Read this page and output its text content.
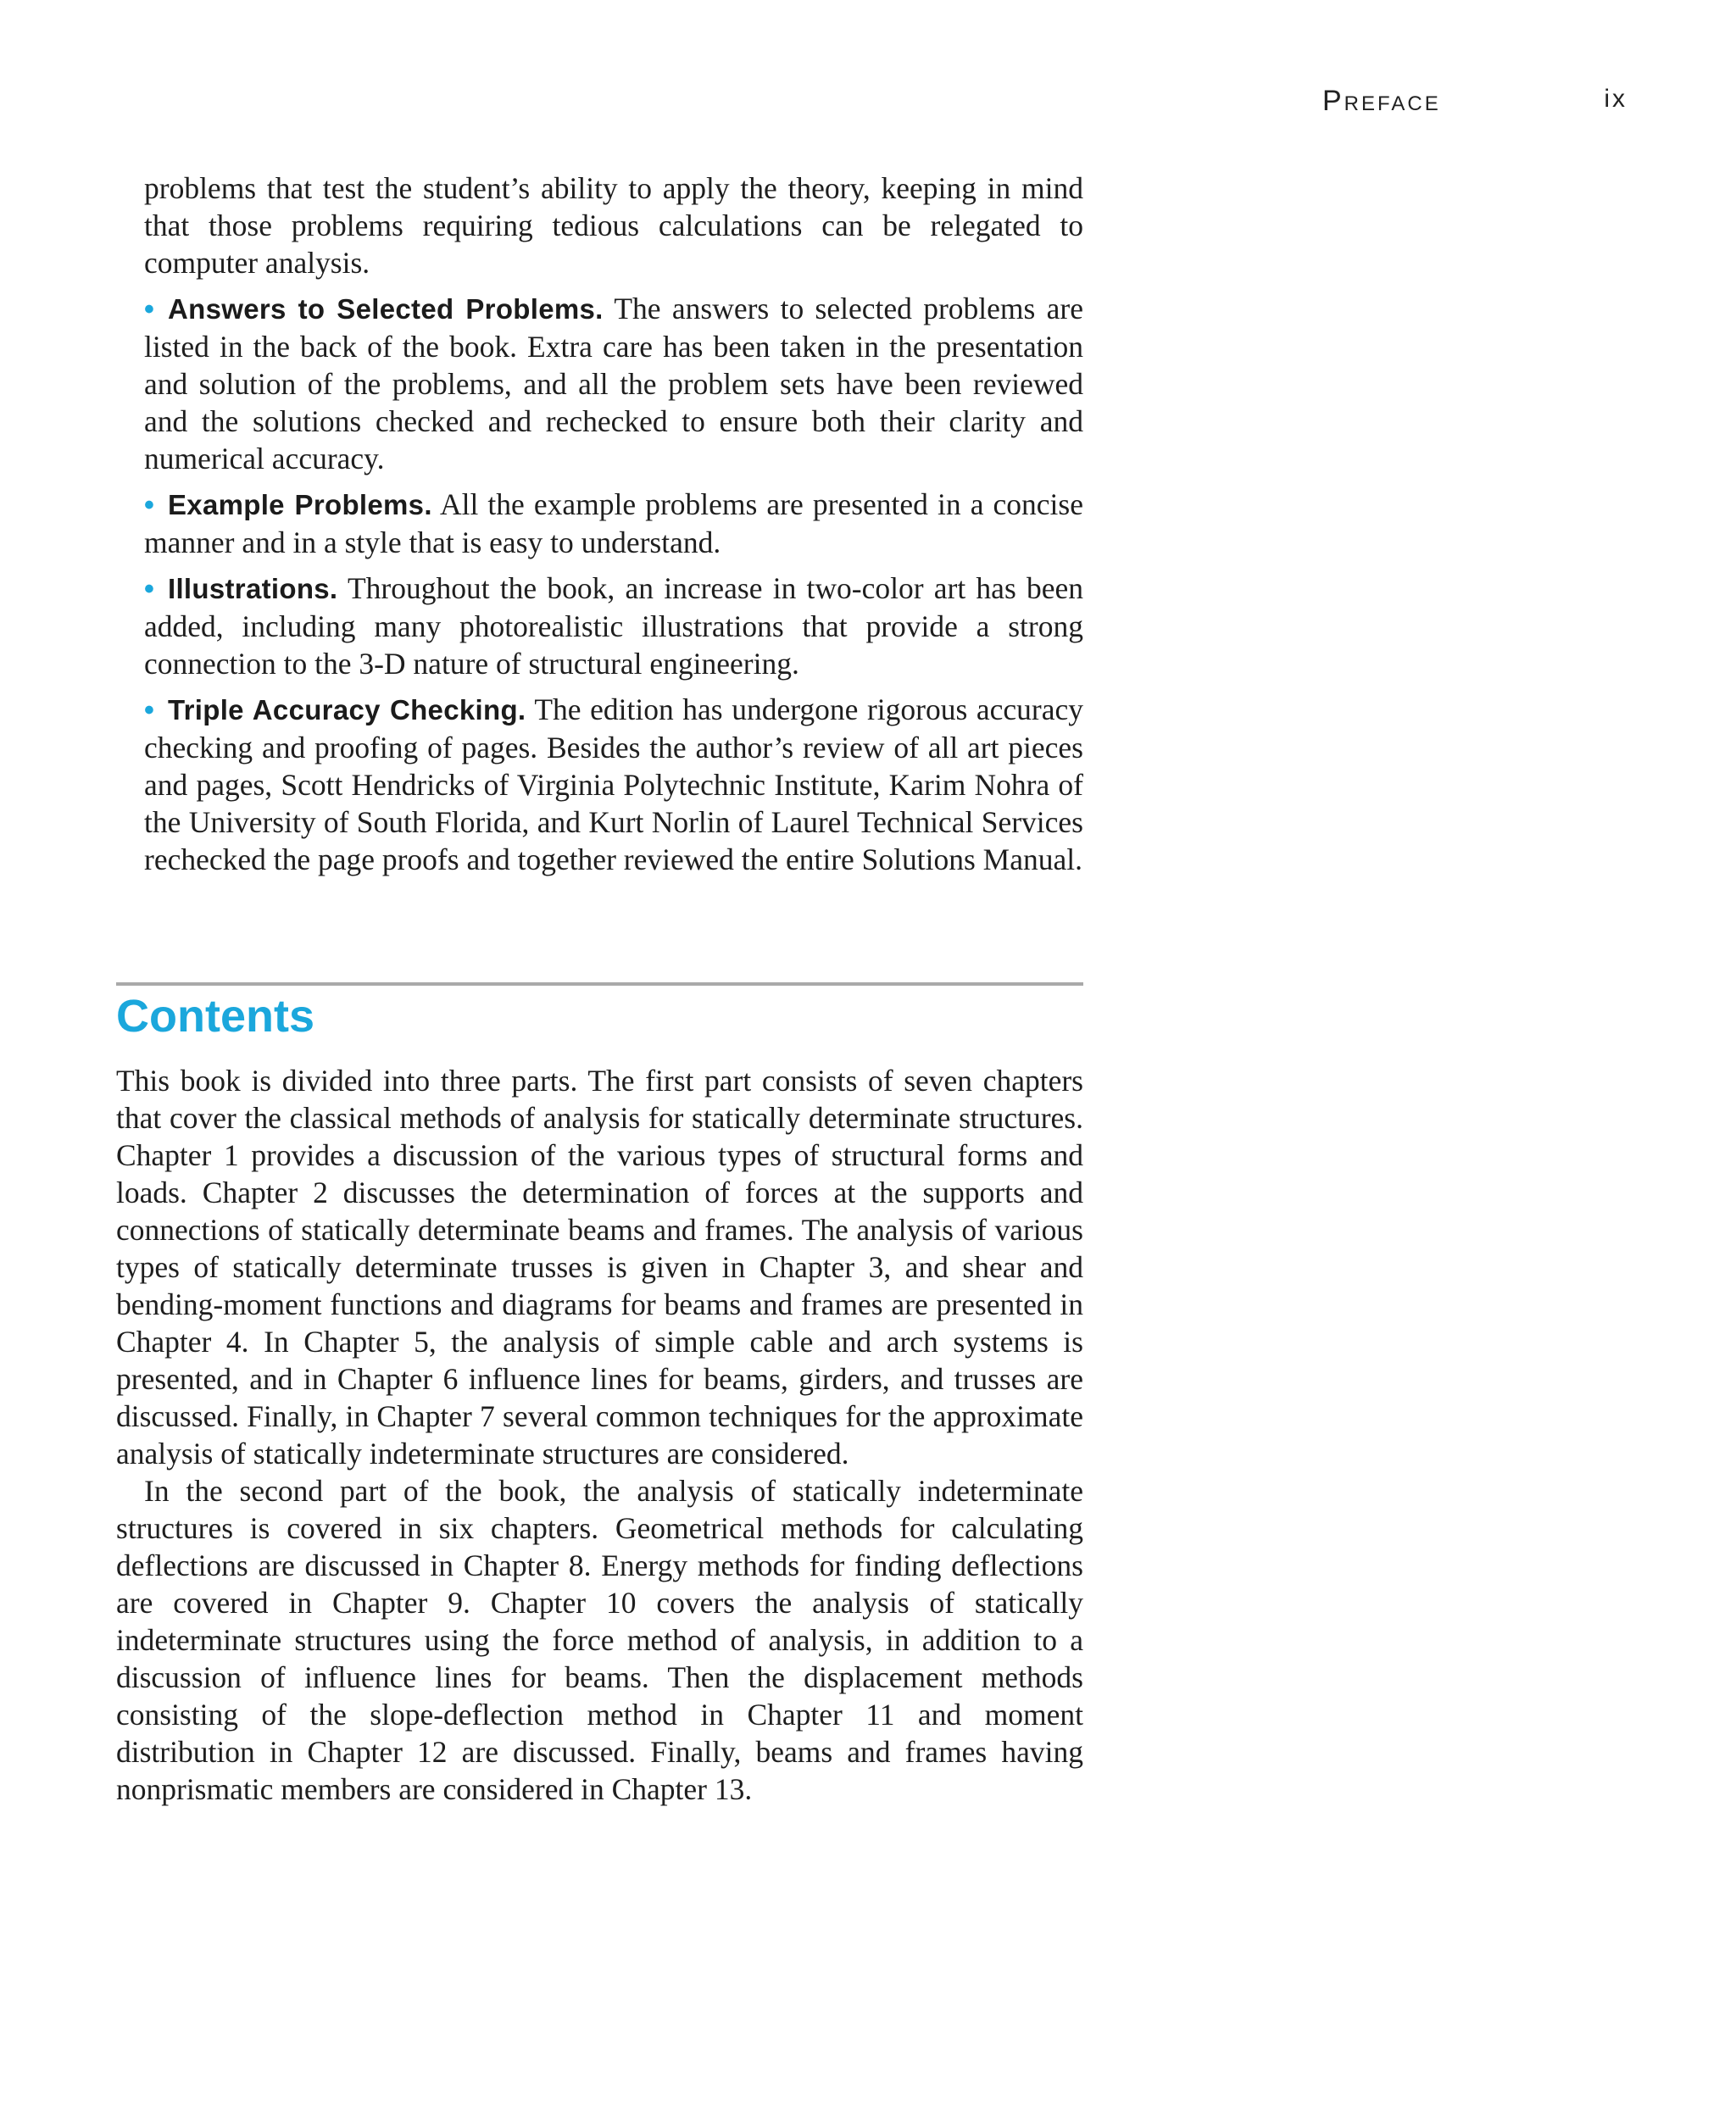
Preface	ix

problems that test the student’s ability to apply the theory, keeping in mind that those problems requiring tedious calculations can be relegated to computer analysis.

• Answers to Selected Problems. The answers to selected problems are listed in the back of the book. Extra care has been taken in the presentation and solution of the problems, and all the problem sets have been reviewed and the solutions checked and rechecked to ensure both their clarity and numerical accuracy.
• Example Problems. All the example problems are presented in a concise manner and in a style that is easy to understand.
• Illustrations. Throughout the book, an increase in two-color art has been added, including many photorealistic illustrations that provide a strong connection to the 3-D nature of structural engineering.
• Triple Accuracy Checking. The edition has undergone rigorous accuracy checking and proofing of pages. Besides the author’s review of all art pieces and pages, Scott Hendricks of Virginia Polytechnic Institute, Karim Nohra of the University of South Florida, and Kurt Norlin of Laurel Technical Services rechecked the page proofs and together reviewed the entire Solutions Manual.
Contents

This book is divided into three parts. The first part consists of seven chapters that cover the classical methods of analysis for statically determinate structures. Chapter 1 provides a discussion of the various types of structural forms and loads. Chapter 2 discusses the determination of forces at the supports and connections of statically determinate beams and frames. The analysis of various types of statically determinate trusses is given in Chapter 3, and shear and bending-moment functions and diagrams for beams and frames are presented in Chapter 4. In Chapter 5, the analysis of simple cable and arch systems is presented, and in Chapter 6 influence lines for beams, girders, and trusses are discussed. Finally, in Chapter 7 several common techniques for the approximate analysis of statically indeterminate structures are considered.

In the second part of the book, the analysis of statically indeterminate structures is covered in six chapters. Geometrical methods for calculating deflections are discussed in Chapter 8. Energy methods for finding deflections are covered in Chapter 9. Chapter 10 covers the analysis of statically indeterminate structures using the force method of analysis, in addition to a discussion of influence lines for beams. Then the displacement methods consisting of the slope-deflection method in Chapter 11 and moment distribution in Chapter 12 are discussed. Finally, beams and frames having nonprismatic members are considered in Chapter 13.
